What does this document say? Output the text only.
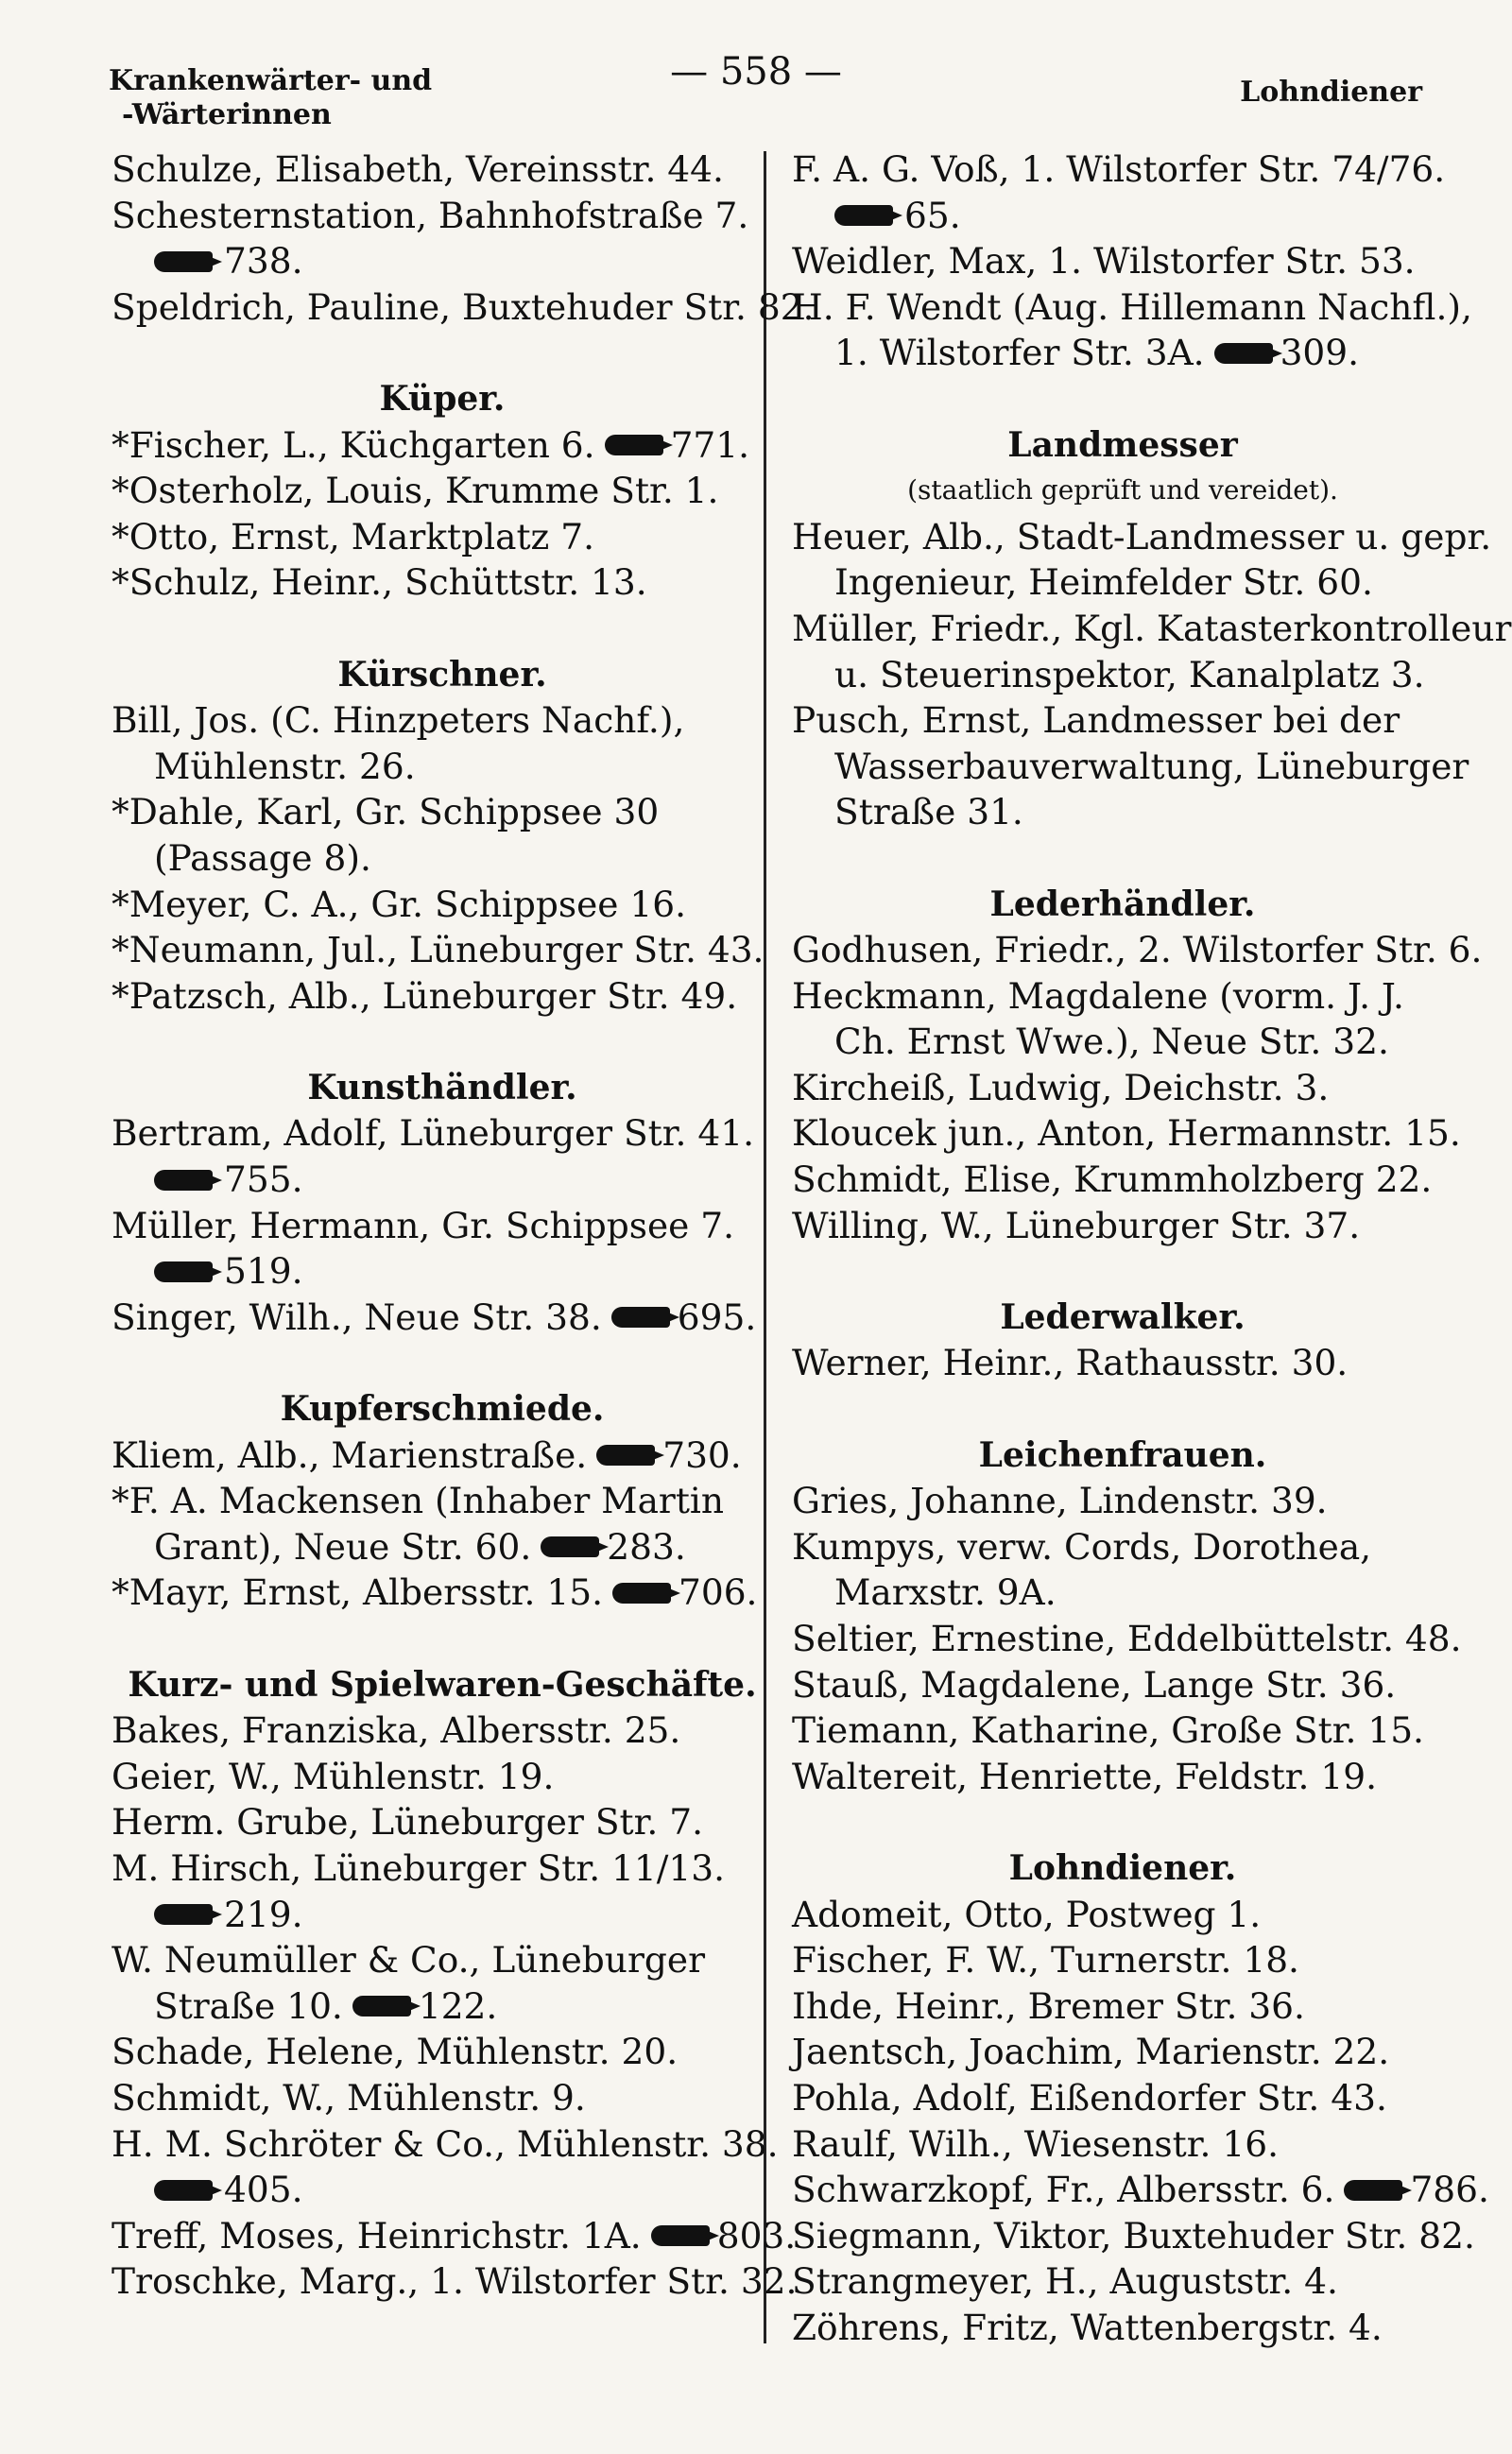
Krankenwärter- und
-Wärterinnen
— 558 —	Lohndiener
Schulze, Elisabeth, Vereinsstr. 44.
Schesternstation, Bahnhofstraße 7.
738.
Speldrich, Pauline, Buxtehuder Str. 82.
Küper.
*Fischer, L., Küchgarten 6. 771.
*Osterholz, Louis, Krumme Str. 1.
*Otto, Ernst, Marktplatz 7.
*Schulz, Heinr., Schüttstr. 13.
Kürschner.
Bill, Jos. (C. Hinzpeters Nachf.),
Mühlenstr. 26.
*Dahle, Karl, Gr. Schippsee 30
(Passage 8).
*Meyer, C. A., Gr. Schippsee 16.
*Neumann, Jul., Lüneburger Str. 43.
*Patzsch, Alb., Lüneburger Str. 49.
Kunsthändler.
Bertram, Adolf, Lüneburger Str. 41.
755.
Müller, Hermann, Gr. Schippsee 7.
519.
Singer, Wilh., Neue Str. 38. 695.
Kupferschmiede.
Kliem, Alb., Marienstraße. 730.
*F. A. Mackensen (Inhaber Martin
Grant), Neue Str. 60. 283.
*Mayr, Ernst, Albersstr. 15. 706.
Kurz- und Spielwaren-Geschäfte.
Bakes, Franziska, Albersstr. 25.
Geier, W., Mühlenstr. 19.
Herm. Grube, Lüneburger Str. 7.
M. Hirsch, Lüneburger Str. 11/13.
219.
W. Neumüller & Co., Lüneburger
Straße 10. 122.
Schade, Helene, Mühlenstr. 20.
Schmidt, W., Mühlenstr. 9.
H. M. Schröter & Co., Mühlenstr. 38.
405.
Treff, Moses, Heinrichstr. 1A. 803.
Troschke, Marg., 1. Wilstorfer Str. 32.
F. A. G. Voß, 1. Wilstorfer Str. 74/76.
65.
Weidler, Max, 1. Wilstorfer Str. 53.
H. F. Wendt (Aug. Hillemann Nachfl.),
1. Wilstorfer Str. 3A. 309.
Landmesser
(staatlich geprüft und vereidet).
Heuer, Alb., Stadt-Landmesser u. gepr.
Ingenieur, Heimfelder Str. 60.
Müller, Friedr., Kgl. Katasterkontrolleur
u. Steuerinspektor, Kanalplatz 3.
Pusch, Ernst, Landmesser bei der
Wasserbauverwaltung, Lüneburger
Straße 31.
Lederhändler.
Godhusen, Friedr., 2. Wilstorfer Str. 6.
Heckmann, Magdalene (vorm. J. J.
Ch. Ernst Wwe.), Neue Str. 32.
Kircheiß, Ludwig, Deichstr. 3.
Kloucek jun., Anton, Hermannstr. 15.
Schmidt, Elise, Krummholzberg 22.
Willing, W., Lüneburger Str. 37.
Lederwalker.
Werner, Heinr., Rathausstr. 30.
Leichenfrauen.
Gries, Johanne, Lindenstr. 39.
Kumpys, verw. Cords, Dorothea,
Marxstr. 9A.
Seltier, Ernestine, Eddelbüttelstr. 48.
Stauß, Magdalene, Lange Str. 36.
Tiemann, Katharine, Große Str. 15.
Waltereit, Henriette, Feldstr. 19.
Lohndiener.
Adomeit, Otto, Postweg 1.
Fischer, F. W., Turnerstr. 18.
Ihde, Heinr., Bremer Str. 36.
Jaentsch, Joachim, Marienstr. 22.
Pohla, Adolf, Eißendorfer Str. 43.
Raulf, Wilh., Wiesenstr. 16.
Schwarzkopf, Fr., Albersstr. 6. 786.
Siegmann, Viktor, Buxtehuder Str. 82.
Strangmeyer, H., Auguststr. 4.
Zöhrens, Fritz, Wattenbergstr. 4.
